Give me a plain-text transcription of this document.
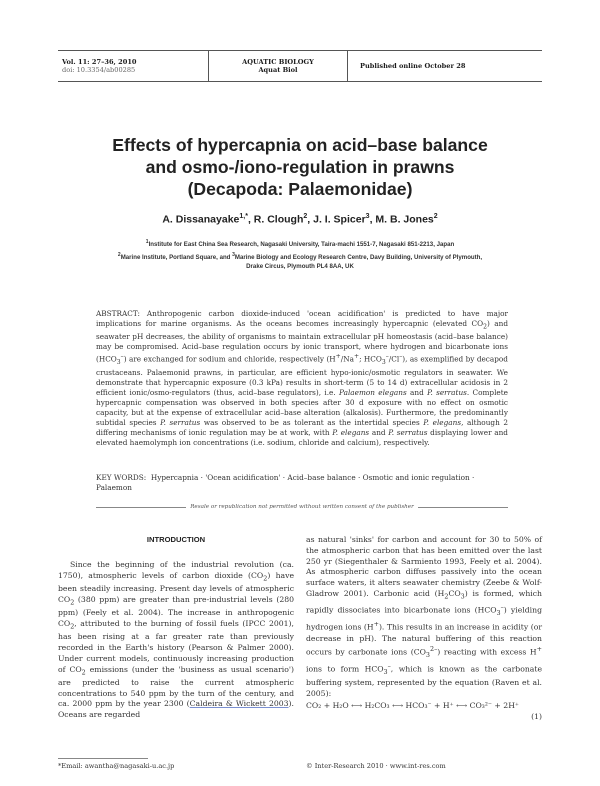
Vol. 11: 27–36, 2010
doi: 10.3354/ab00285
AQUATIC BIOLOGY
Aquat Biol	Published online October 28
Effects of hypercapnia on acid–base balance
and osmo-/iono-regulation in prawns
(Decapoda: Palaemonidae)
A. Dissanayake$^{1,*}$, R. Clough$^2$, J. I. Spicer$^3$, M. B. Jones$^2$
$^1$Institute for East China Sea Research, Nagasaki University, Taira-machi 1551-7, Nagasaki 851-2213, Japan
$^2$Marine Institute, Portland Square, and $^3$Marine Biology and Ecology Research Centre, Davy Building, University of Plymouth,
Drake Circus, Plymouth PL4 8AA, UK
ABSTRACT: Anthropogenic carbon dioxide-induced 'ocean acidification' is predicted to have major implications for marine organisms. As the oceans becomes increasingly hypercapnic (elevated $CO_2$) and seawater pH decreases, the ability of organisms to maintain extracellular pH homeostasis (acid–base balance) may be compromised. Acid–base regulation occurs by ionic transport, where hydrogen and bicarbonate ions $(HCO_3^-)$ are exchanged for sodium and chloride, respectively (H+/Na+; $HCO_3^-/Cl^-$), as exemplified by decapod crustaceans. Palaemonid prawns, in particular, are efficient hypo-ionic/osmotic regulators in seawater. We demonstrate that hypercapnic exposure (0.3 kPa) results in short-term (5 to 14 d) extracellular acidosis in 2 efficient ionic/osmo-regulators (thus, acid–base regulators), i.e. Palaemon elegans and P. serratus. Complete hypercapnic compensation was observed in both species after 30 d exposure with no effect on osmotic capacity, but at the expense of extracellular acid–base alteration (alkalosis). Furthermore, the predominantly subtidal species P. serratus was observed to be as tolerant as the intertidal species P. elegans, although 2 differing mechanisms of ionic regulation may be at work, with P. elegans and P. serratus displaying lower and elevated haemolymph ion concentrations (i.e. sodium, chloride and calcium), respectively.
KEY WORDS: Hypercapnia · 'Ocean acidification' · Acid–base balance · Osmotic and ionic regulation · Palaemon
Resale or republication not permitted without written consent of the publisher
INTRODUCTION
Since the beginning of the industrial revolution (ca. 1750), atmospheric levels of carbon dioxide $(CO_2)$ have been steadily increasing. Present day levels of atmospheric $CO_2$ (380 ppm) are greater than pre-industrial levels (280 ppm) (Feely et al. 2004). The increase in anthropogenic $CO_2$, attributed to the burning of fossil fuels (IPCC 2001), has been rising at a far greater rate than previously recorded in the Earth's history (Pearson & Palmer 2000). Under current models, continuously increasing production of $CO_2$ emissions (under the 'business as usual scenario') are predicted to raise the current atmospheric concentrations to 540 ppm by the turn of the century, and ca. 2000 ppm by the year 2300 (Caldeira & Wickett 2003). Oceans are regarded
as natural 'sinks' for carbon and account for 30 to 50% of the atmospheric carbon that has been emitted over the last 250 yr (Siegenthaler & Sarmiento 1993, Feely et al. 2004). As atmospheric carbon diffuses passively into the ocean surface waters, it alters seawater chemistry (Zeebe & Wolf-Gladrow 2001). Carbonic acid $(H_2CO_3)$ is formed, which rapidly dissociates into bicarbonate ions $(HCO_3^-)$ yielding hydrogen ions (H+). This results in an increase in acidity (or decrease in pH). The natural buffering of this reaction occurs by carbonate ions $(CO_3^{2-})$ reacting with excess H+ ions to form $HCO_3^-$, which is known as the carbonate buffering system, represented by the equation (Raven et al. 2005):
CO₂ + H₂O ⟷ H₂CO₃ ⟷ HCO₃⁻ + H⁺ ⟷ CO₃²⁻ + 2H⁺
(1)
*Email: awantha@nagasaki-u.ac.jp	© Inter-Research 2010 · www.int-res.com
